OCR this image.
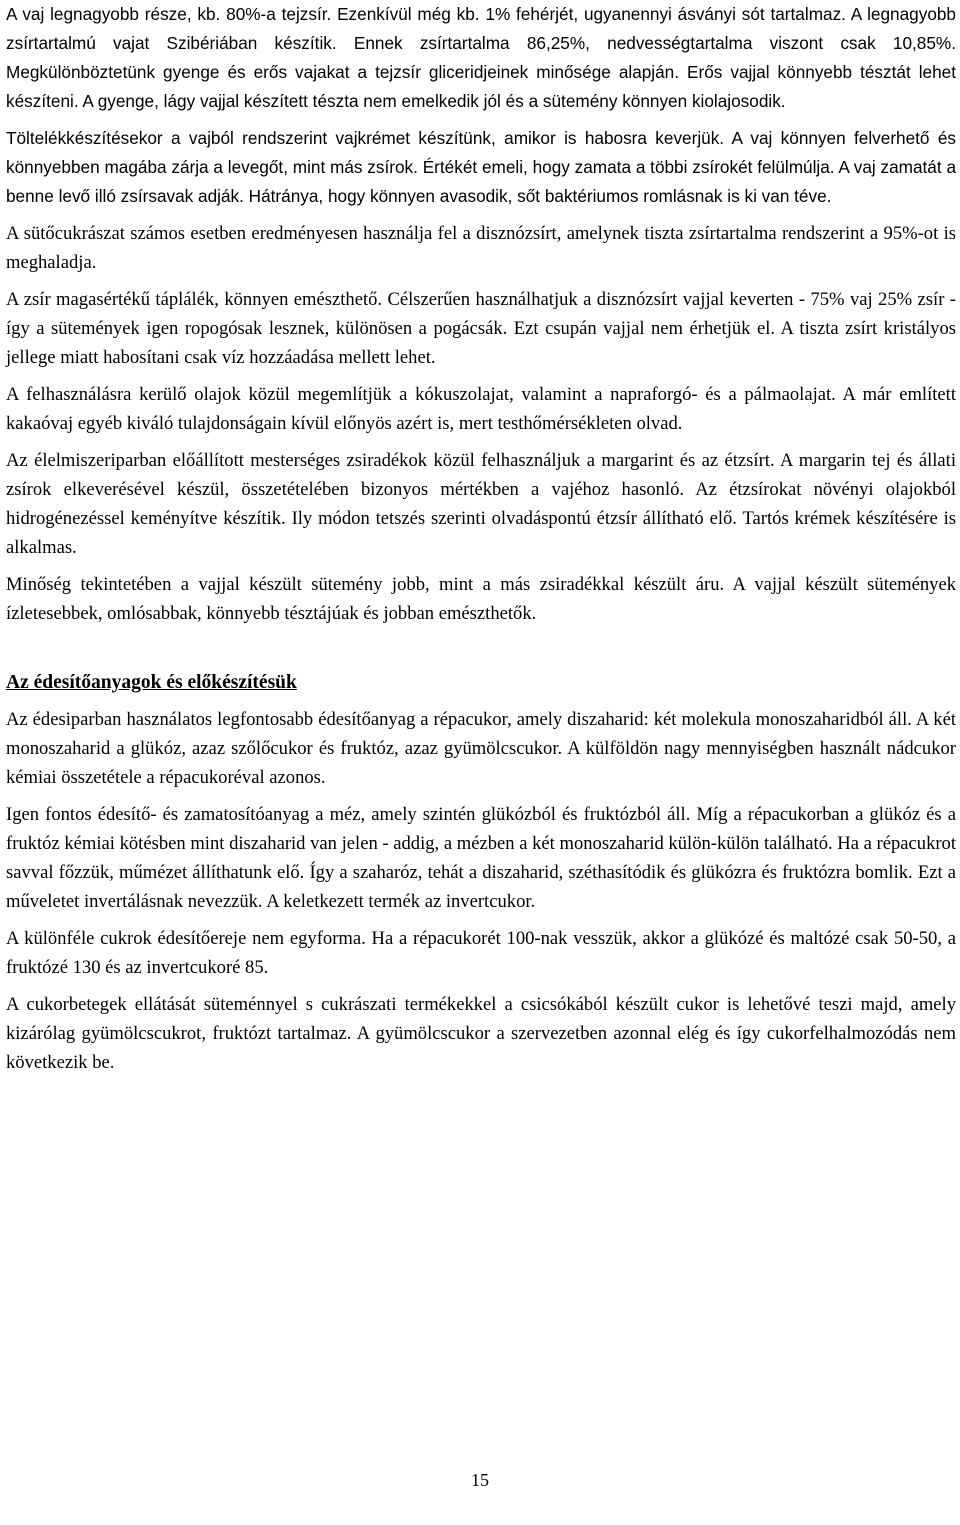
A vaj legnagyobb része, kb. 80%-a tejzsír. Ezenkívül még kb. 1% fehérjét, ugyanennyi ásványi sót tartalmaz. A legnagyobb zsírtartalmú vajat Szibériában készítik. Ennek zsírtartalma 86,25%, nedvességtartalma viszont csak 10,85%. Megkülönböztetünk gyenge és erős vajakat a tejzsír gliceridjeinek minősége alapján. Erős vajjal könnyebb tésztát lehet készíteni. A gyenge, lágy vajjal készített tészta nem emelkedik jól és a sütemény könnyen kiolajosodik.

Töltelékkészítésekor a vajból rendszerint vajkrémet készítünk, amikor is habosra keverjük. A vaj könnyen felverhető és könnyebben magába zárja a levegőt, mint más zsírok. Értékét emeli, hogy zamata a többi zsírokét felülmúlja. A vaj zamatát a benne levő illó zsírsavak adják. Hátránya, hogy könnyen avasodik, sőt baktériumos romlásnak is ki van téve.

A sütőcukrászat számos esetben eredményesen használja fel a disznózsírt, amelynek tiszta zsírtartalma rendszerint a 95%-ot is meghaladja.

A zsír magasértékű táplálék, könnyen emészthető. Célszerűen használhatjuk a disznózsírt vajjal keverten - 75% vaj 25% zsír - így a sütemények igen ropogósak lesznek, különösen a pogácsák. Ezt csupán vajjal nem érhetjük el. A tiszta zsírt kristályos jellege miatt habosítani csak víz hozzáadása mellett lehet.

A felhasználásra kerülő olajok közül megemlítjük a kókuszolajat, valamint a napraforgó- és a pálmaolajat. A már említett kakaóvaj egyéb kiváló tulajdonságain kívül előnyös azért is, mert testhőmérsékleten olvad.

Az élelmiszeriparban előállított mesterséges zsiradékok közül felhasználjuk a margarint és az étzsírt. A margarin tej és állati zsírok elkeverésével készül, összetételében bizonyos mértékben a vajéhoz hasonló. Az étzsírokat növényi olajokból hidrogénezéssel keményítve készítik. Ily módon tetszés szerinti olvadáspontú étzsír állítható elő. Tartós krémek készítésére is alkalmas.

Minőség tekintetében a vajjal készült sütemény jobb, mint a más zsiradékkal készült áru. A vajjal készült sütemények ízletesebbek, omlósabbak, könnyebb tésztájúak és jobban emészthetők.

Az édesítőanyagok és előkészítésük

Az édesiparban használatos legfontosabb édesítőanyag a répacukor, amely diszaharid: két molekula monoszaharidból áll. A két monoszaharid a glükóz, azaz szőlőcukor és fruktóz, azaz gyümölcscukor. A külföldön nagy mennyiségben használt nádcukor kémiai összetétele a répacukoréval azonos.

Igen fontos édesítő- és zamatosítóanyag a méz, amely szintén glükózból és fruktózból áll. Míg a répacukorban a glükóz és a fruktóz kémiai kötésben mint diszaharid van jelen - addig, a mézben a két monoszaharid külön-külön található. Ha a répacukrot savval főzzük, műmézet állíthatunk elő. Így a szaharóz, tehát a diszaharid, széthasítódik és glükózra és fruktózra bomlik. Ezt a műveletet invertálásnak nevezzük. A keletkezett termék az invertcukor.

A különféle cukrok édesítőereje nem egyforma. Ha a répacukorét 100-nak vesszük, akkor a glükózé és maltózé csak 50-50, a fruktózé 130 és az invertcukoré 85.

A cukorbetegek ellátását süteménnyel s cukrászati termékekkel a csicsókából készült cukor is lehetővé teszi majd, amely kizárólag gyümölcscukrot, fruktózt tartalmaz. A gyümölcscukor a szervezetben azonnal elég és így cukorfelhalmozódás nem következik be.

15
